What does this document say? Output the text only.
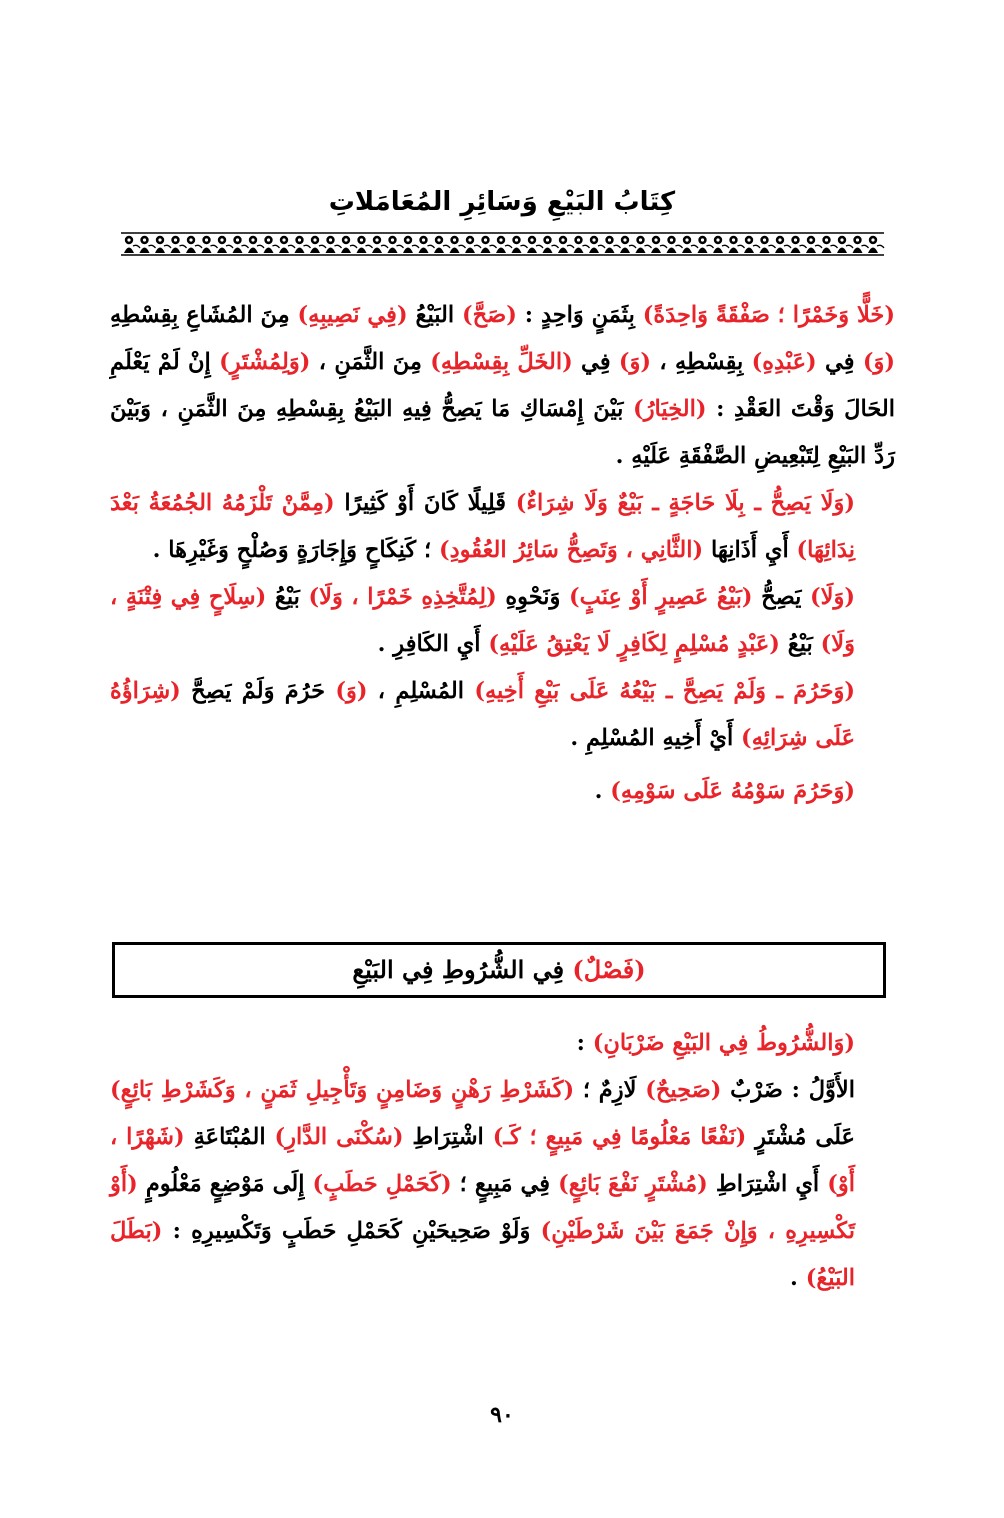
كِتَابُ البَيْعِ وَسَائِرِ المُعَامَلاتِ

(خَلًّا وَخَمْرًا ؛ صَفْقَةً وَاحِدَةً) بِثَمَنٍ وَاحِدٍ : (صَحَّ) البَيْعُ (فِي نَصِيبِهِ) مِنَ المُشَاعِ بِقِسْطِهِ (وَ) فِي (عَبْدِهِ) بِقِسْطِهِ ، (وَ) فِي (الخَلِّ بِقِسْطِهِ) مِنَ الثَّمَنِ ، (وَلِمُشْتَرٍ) إِنْ لَمْ يَعْلَمِ الحَالَ وَقْتَ العَقْدِ : (الخِيَارُ) بَيْنَ إِمْسَاكِ مَا يَصِحُّ فِيهِ البَيْعُ بِقِسْطِهِ مِنَ الثَّمَنِ ، وَبَيْنَ رَدِّ البَيْعِ لِتَبْعِيضِ الصَّفْقَةِ عَلَيْهِ .

(وَلَا يَصِحُّ ـ بِلَا حَاجَةٍ ـ بَيْعٌ وَلَا شِرَاءٌ) قَلِيلًا كَانَ أَوْ كَثِيرًا (مِمَّنْ تَلْزَمُهُ الجُمُعَةُ بَعْدَ نِدَائِهَا) أَيِ أَذَانِهَا (الثَّانِي ، وَتَصِحُّ سَائِرُ العُقُودِ) ؛ كَنِكَاحٍ وَإِجَارَةٍ وَصُلْحٍ وَغَيْرِهَا .

(وَلَا) يَصِحُّ (بَيْعُ عَصِيرٍ أَوْ عِنَبٍ) وَنَحْوِهِ (لِمُتَّخِذِهِ خَمْرًا ، وَلَا) بَيْعُ (سِلَاحٍ فِي فِتْنَةٍ ، وَلَا) بَيْعُ (عَبْدٍ مُسْلِمٍ لِكَافِرٍ لَا يَعْتِقُ عَلَيْهِ) أَيِ الكَافِرِ .

(وَحَرُمَ ـ وَلَمْ يَصِحَّ ـ بَيْعُهُ عَلَى بَيْعِ أَخِيهِ) المُسْلِمِ ، (وَ) حَرُمَ وَلَمْ يَصِحَّ (شِرَاؤُهُ عَلَى شِرَائِهِ) أَيْ أَخِيهِ المُسْلِمِ .

(وَحَرُمَ سَوْمُهُ عَلَى سَوْمِهِ) .

(فَصْلٌ) فِي الشُّرُوطِ فِي البَيْعِ

(وَالشُّرُوطُ فِي البَيْعِ ضَرْبَانِ) :

الأَوَّلُ : ضَرْبٌ (صَحِيحٌ) لَازِمٌ ؛ (كَشَرْطِ رَهْنٍ وَضَامِنٍ وَتَأْجِيلِ ثَمَنٍ ، وَكَشَرْطِ بَائِعٍ) عَلَى مُشْتَرٍ (نَفْعًا مَعْلُومًا فِي مَبِيعٍ ؛ كَـ) اشْتِرَاطِ (سُكْنَى الدَّارِ) المُبْتَاعَةِ (شَهْرًا ، أَوْ) أَيِ اشْتِرَاطِ (مُشْتَرٍ نَفْعَ بَائِعٍ) فِي مَبِيعٍ ؛ (كَحَمْلِ حَطَبٍ) إِلَى مَوْضِعٍ مَعْلُومٍ (أَوْ تَكْسِيرِهِ ، وَإِنْ جَمَعَ بَيْنَ شَرْطَيْنِ) وَلَوْ صَحِيحَيْنِ كَحَمْلِ حَطَبٍ وَتَكْسِيرِهِ : (بَطَلَ البَيْعُ) .

٩٠
